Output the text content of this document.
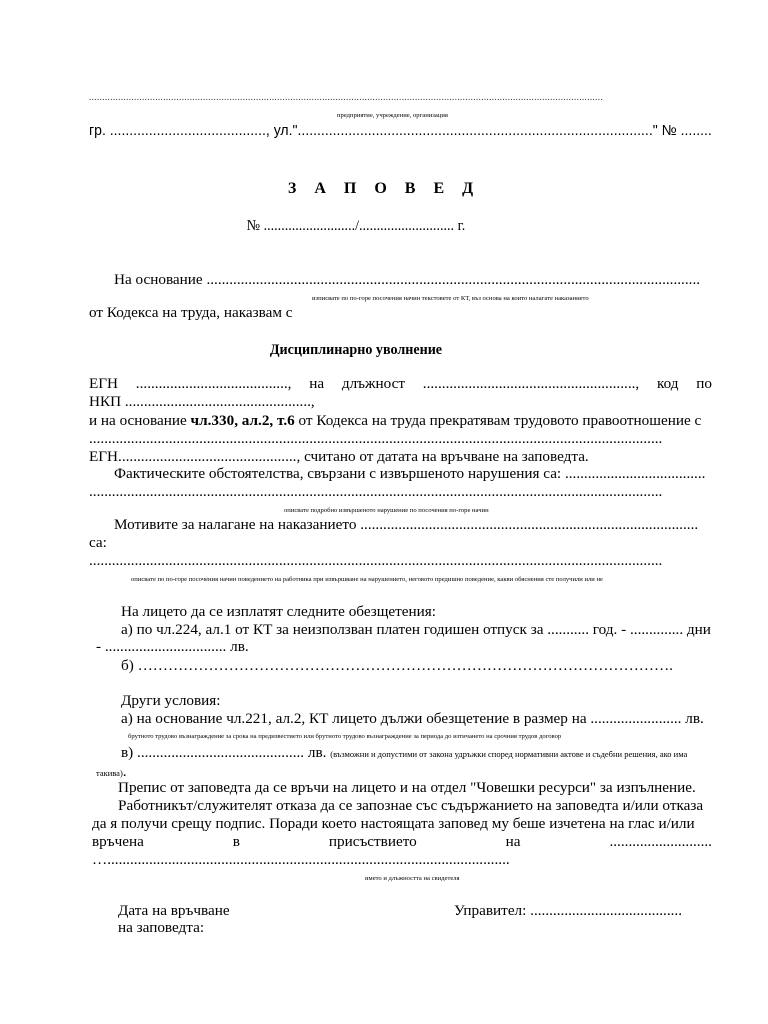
..................................................................................................................................................................................................
предприятие, учреждение, организация
гр. ........................................, ул."..........................................................................................." № ........
З А П О В Е Д
№ ........................../........................... г.
На основание ..................................................................................................................................
изписвате по по-горе посочения начин текстовете от КТ, въз основа на които налагате наказанието
от Кодекса на труда, наказвам с
Дисциплинарно уволнение
ЕГН ........................................, на длъжност ........................................................, код по
НКП .................................................,
и на основание чл.330, ал.2, т.6 от Кодекса на труда прекратявам трудовото правоотношение с
.......................................................................................................................................................
ЕГН..............................................., считано от датата на връчване на заповедта.
Фактическите обстоятелства, свързани с извършеното нарушения са: .....................................
.......................................................................................................................................................
описвате подробно извършеното нарушение по посочения по-горе начин
Мотивите за налагане на наказанието .........................................................................................
са:
.......................................................................................................................................................
описвате по по-горе посочения начин поведението на работника при извършване на нарушението, неговото предишно поведение, какви обяснения сте получили или не
На лицето да се изплатят следните обезщетения:
а) по чл.224, ал.1 от КТ за неизползван платен годишен отпуск за ........... год. - .............. дни
- ................................ лв.
б) …………………………………………………………………………………………….
Други условия:
а) на основание чл.221, ал.2, КТ лицето дължи обезщетение в размер на ........................ лв.
брутното трудово възнаграждение за срока на предизвестието или брутното трудово възнаграждение за периода до изтичането на срочния трудов договор
в) ............................................ лв. (възможни и допустими от закона удръжки според нормативни актове и съдебни решения, ако има
такива).
Препис от заповедта да се връчи на лицето и на отдел "Човешки ресурси" за изпълнение.
Работникът/служителят отказа да се запознае със съдържанието на заповедта и/или отказа
да я получи срещу подпис. Поради което настоящата заповед му беше изчетена на глас и/или
връчена	в	присъствието	на	...........................
…..........................................................................................................
името и длъжността на свидетеля
Дата на връчване
на заповедта:
Управител: ........................................
